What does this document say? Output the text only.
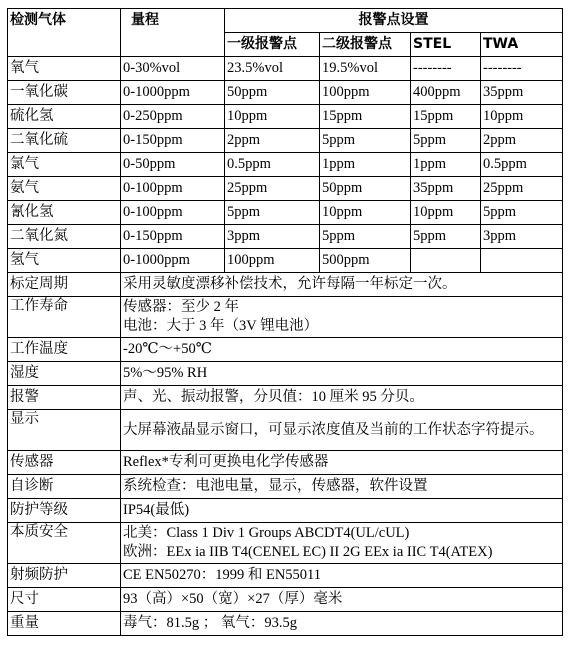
检测气体	量程	报警点设置			
		一级报警点	二级报警点	STEL	TWA
氧气	0-30%vol	23.5%vol	19.5%vol	--------	--------
一氧化碳	0-1000ppm	50ppm	100ppm	400ppm	35ppm
硫化氢	0-250ppm	10ppm	15ppm	15ppm	10ppm
二氧化硫	0-150ppm	2ppm	5ppm	5ppm	2ppm
氯气	0-50ppm	0.5ppm	1ppm	1ppm	0.5ppm
氨气	0-100ppm	25ppm	50ppm	35ppm	25ppm
氰化氢	0-100ppm	5ppm	10ppm	10ppm	5ppm
二氧化氮	0-150ppm	3ppm	5ppm	5ppm	3ppm
氢气	0-1000ppm	100ppm	500ppm		
标定周期	采用灵敏度漂移补偿技术，允许每隔一年标定一次。				
工作寿命	传感器：至少 2 年
电池：大于 3 年（3V 锂电池）				

工作温度	-20℃～+50℃				
湿度	5%～95% RH				
报警	声、光、振动报警，分贝值：10 厘米 95 分贝。				
显示	大屏幕液晶显示窗口，可显示浓度值及当前的工作状态字符提示。				
传感器	Reflex*专利可更换电化学传感器				
自诊断	系统检查：电池电量，显示，传感器，软件设置				
防护等级	IP54(最低)				
本质安全	北美：Class 1 Div 1 Groups ABCDT4(UL/cUL)
欧洲：EEx ia IIB T4(CENEL EC) II 2G EEx ia IIC T4(ATEX)				

射频防护	CE EN50270：1999 和 EN55011				
尺寸	93（高）×50（宽）×27（厚）毫米				
重量	毒气：81.5g ； 氧气：93.5g				
